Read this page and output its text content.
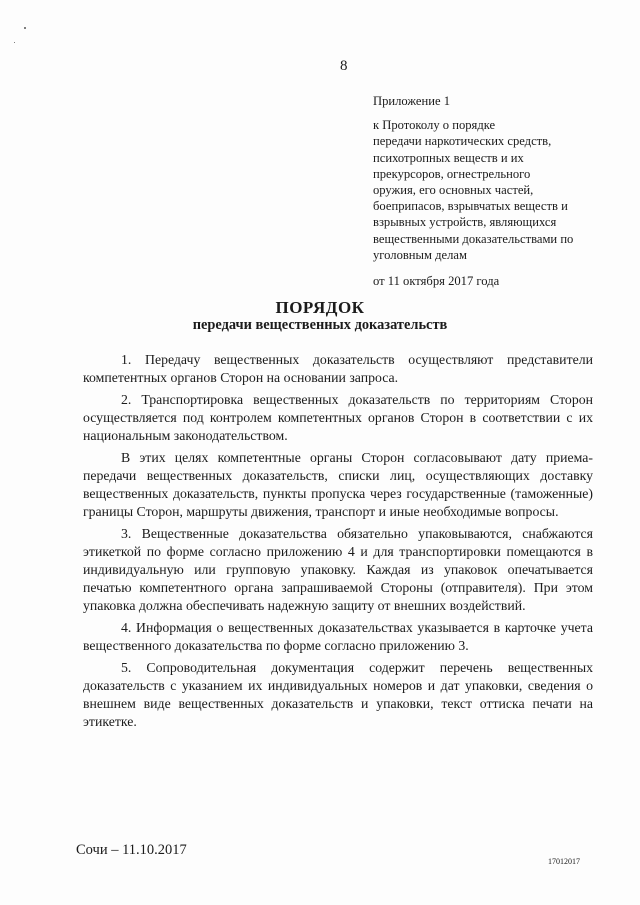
8

Приложение 1

к Протоколу о порядке
передачи наркотических средств,
психотропных веществ и их
прекурсоров, огнестрельного
оружия, его основных частей,
боеприпасов, взрывчатых веществ и
взрывных устройств, являющихся
вещественными доказательствами по
уголовным делам

от 11 октября 2017 года

ПОРЯДОК
передачи вещественных доказательств

1. Передачу вещественных доказательств осуществляют представители компетентных органов Сторон на основании запроса.

2. Транспортировка вещественных доказательств по территориям Сторон осуществляется под контролем компетентных органов Сторон в соответствии с их национальным законодательством.

В этих целях компетентные органы Сторон согласовывают дату приема-передачи вещественных доказательств, списки лиц, осуществляющих доставку вещественных доказательств, пункты пропуска через государственные (таможенные) границы Сторон, маршруты движения, транспорт и иные необходимые вопросы.

3. Вещественные доказательства обязательно упаковываются, снабжаются этикеткой по форме согласно приложению 4 и для транспортировки помещаются в индивидуальную или групповую упаковку. Каждая из упаковок опечатывается печатью компетентного органа запрашиваемой Стороны (отправителя). При этом упаковка должна обеспечивать надежную защиту от внешних воздействий.

4. Информация о вещественных доказательствах указывается в карточке учета вещественного доказательства по форме согласно приложению 3.

5. Сопроводительная документация содержит перечень вещественных доказательств с указанием их индивидуальных номеров и дат упаковки, сведения о внешнем виде вещественных доказательств и упаковки, текст оттиска печати на этикетке.

Сочи – 11.10.2017
17012017
